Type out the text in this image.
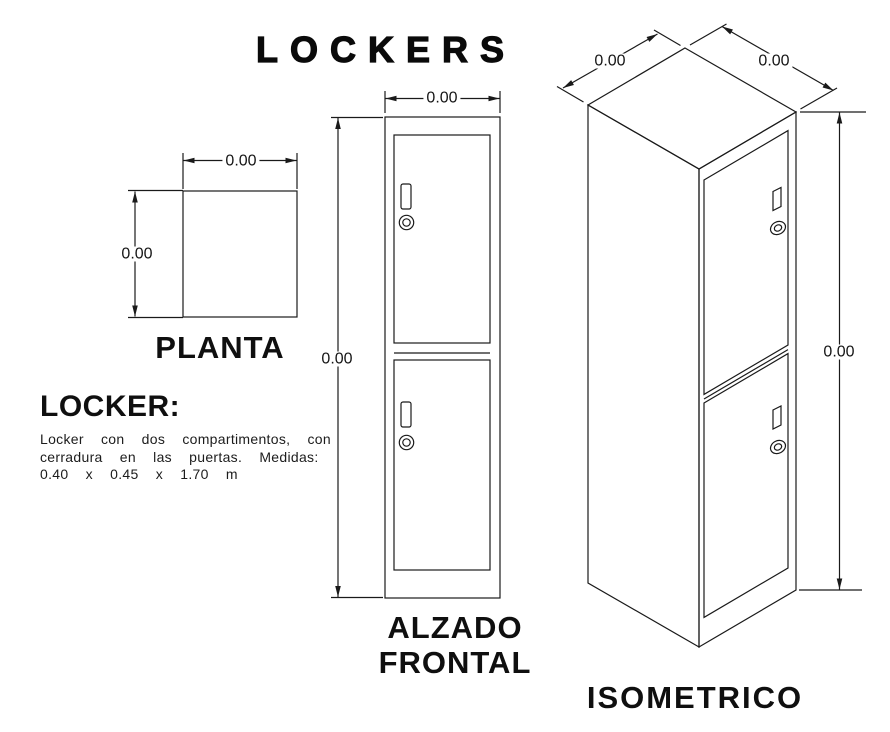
LOCKERS
0.00
0.00
PLANTA
0.00
0.00
ALZADO
FRONTAL
0.00	0.00
0.00
ISOMETRICO
LOCKER:
Locker con dos compartimentos, con
cerradura en las puertas. Medidas:
0.40 x 0.45 x 1.70 m
